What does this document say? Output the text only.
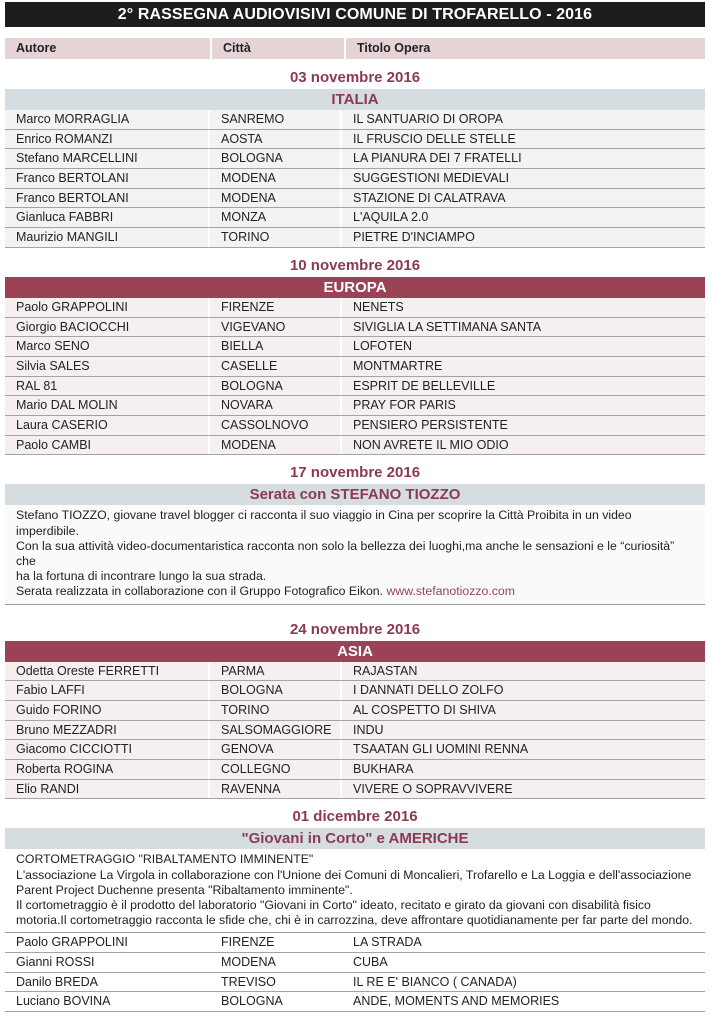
2° RASSEGNA AUDIOVISIVI COMUNE DI TROFARELLO - 2016
Autore	Città	Titolo Opera
03 novembre 2016
ITALIA
Marco MORRAGLIA	SANREMO	IL SANTUARIO DI OROPA
Enrico ROMANZI	AOSTA	IL FRUSCIO DELLE STELLE
Stefano MARCELLINI	BOLOGNA	LA PIANURA DEI 7 FRATELLI
Franco BERTOLANI	MODENA	SUGGESTIONI MEDIEVALI
Franco BERTOLANI	MODENA	STAZIONE DI CALATRAVA
Gianluca FABBRI	MONZA	L'AQUILA 2.0
Maurizio MANGILI	TORINO	PIETRE D'INCIAMPO
10 novembre 2016
EUROPA
Paolo GRAPPOLINI	FIRENZE	NENETS
Giorgio BACIOCCHI	VIGEVANO	SIVIGLIA LA SETTIMANA SANTA
Marco SENO	BIELLA	LOFOTEN
Silvia SALES	CASELLE	MONTMARTRE
RAL 81	BOLOGNA	ESPRIT DE BELLEVILLE
Mario DAL MOLIN	NOVARA	PRAY FOR PARIS
Laura CASERIO	CASSOLNOVO	PENSIERO PERSISTENTE
Paolo CAMBI	MODENA	NON AVRETE IL MIO ODIO
17 novembre 2016
Serata con STEFANO TIOZZO
Stefano TIOZZO, giovane travel blogger ci racconta il suo viaggio in Cina per scoprire la Città Proibita in un video imperdibile.
Con la sua attività video-documentaristica racconta non solo la bellezza dei luoghi,ma anche le sensazioni e le “curiosità” che
ha la fortuna di incontrare lungo la sua strada.
Serata realizzata in collaborazione con il Gruppo Fotografico Eikon. www.stefanotiozzo.com
24 novembre 2016
ASIA
Odetta Oreste FERRETTI	PARMA	RAJASTAN
Fabio LAFFI	BOLOGNA	I DANNATI DELLO ZOLFO
Guido FORINO	TORINO	AL COSPETTO DI SHIVA
Bruno MEZZADRI	SALSOMAGGIORE	INDU
Giacomo CICCIOTTI	GENOVA	TSAATAN GLI UOMINI RENNA
Roberta ROGINA	COLLEGNO	BUKHARA
Elio RANDI	RAVENNA	VIVERE O SOPRAVVIVERE
01 dicembre 2016
"Giovani in Corto" e AMERICHE
CORTOMETRAGGIO "RIBALTAMENTO IMMINENTE"
L'associazione La Virgola in collaborazione con l'Unione dei Comuni di Moncalieri, Trofarello e La Loggia e dell'associazione
Parent Project Duchenne presenta "Ribaltamento imminente".
Il cortometraggio è il prodotto del laboratorio "Giovani in Corto" ideato, recitato e girato da giovani con disabilità fisico
motoria.Il cortometraggio racconta le sfide che, chi è in carrozzina, deve affrontare quotidianamente per far parte del mondo.
Paolo GRAPPOLINI	FIRENZE	LA STRADA
Gianni ROSSI	MODENA	CUBA
Danilo BREDA	TREVISO	IL RE E' BIANCO ( CANADA)
Luciano BOVINA	BOLOGNA	ANDE, MOMENTS AND MEMORIES
